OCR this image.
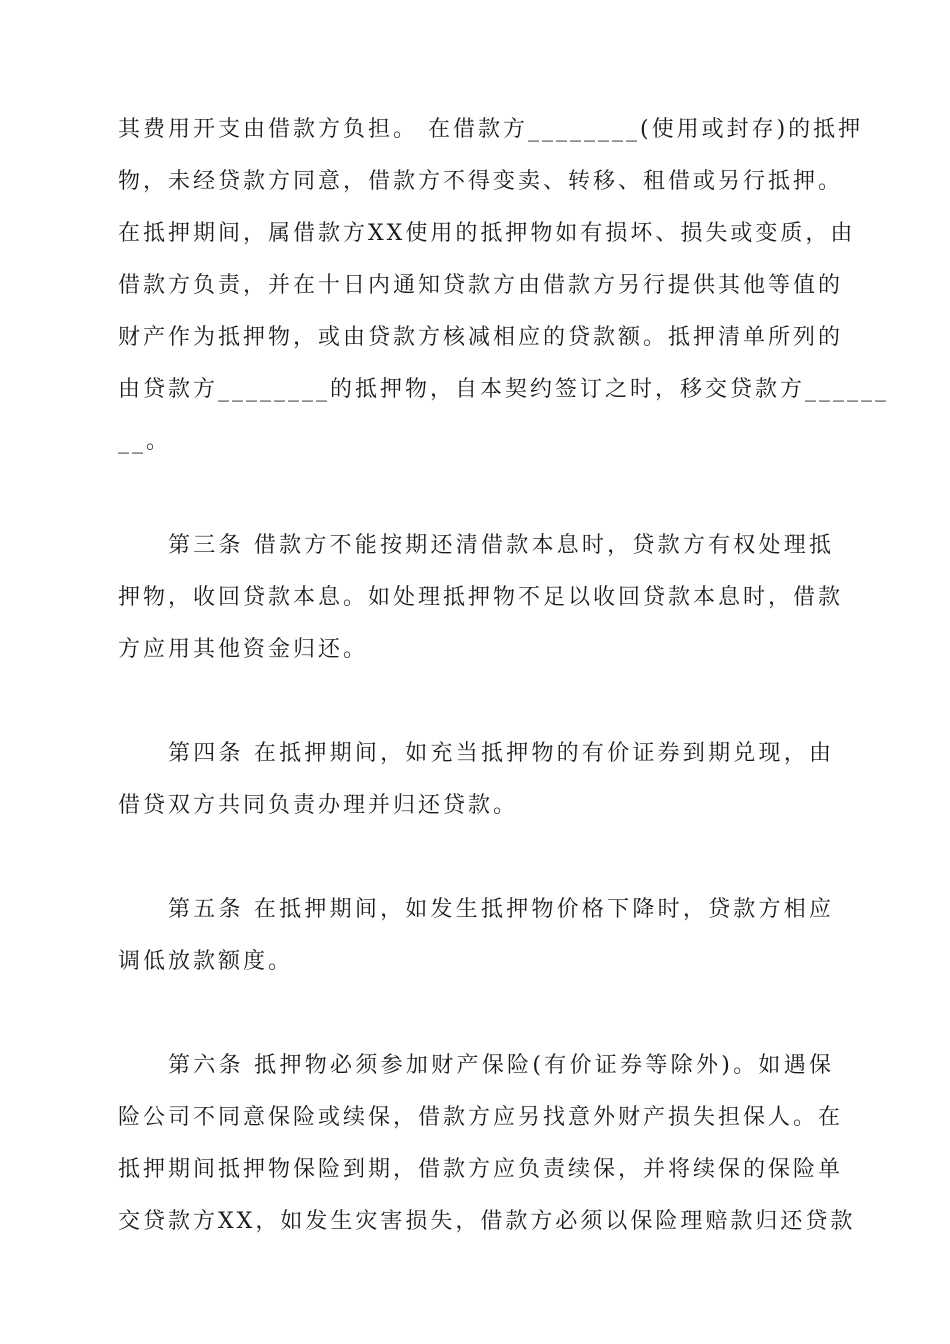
其费用开支由借款方负担。 在借款方________(使用或封存)的抵押
物，未经贷款方同意，借款方不得变卖、转移、租借或另行抵押。
在抵押期间，属借款方XX使用的抵押物如有损坏、损失或变质，由
借款方负责，并在十日内通知贷款方由借款方另行提供其他等值的
财产作为抵押物，或由贷款方核减相应的贷款额。抵押清单所列的
由贷款方________的抵押物，自本契约签订之时，移交贷款方______
__。

第三条 借款方不能按期还清借款本息时，贷款方有权处理抵
押物，收回贷款本息。如处理抵押物不足以收回贷款本息时，借款
方应用其他资金归还。

第四条 在抵押期间，如充当抵押物的有价证券到期兑现，由
借贷双方共同负责办理并归还贷款。

第五条 在抵押期间，如发生抵押物价格下降时，贷款方相应
调低放款额度。

第六条 抵押物必须参加财产保险(有价证券等除外)。如遇保
险公司不同意保险或续保，借款方应另找意外财产损失担保人。在
抵押期间抵押物保险到期，借款方应负责续保，并将续保的保险单
交贷款方XX，如发生灾害损失，借款方必须以保险理赔款归还贷款
